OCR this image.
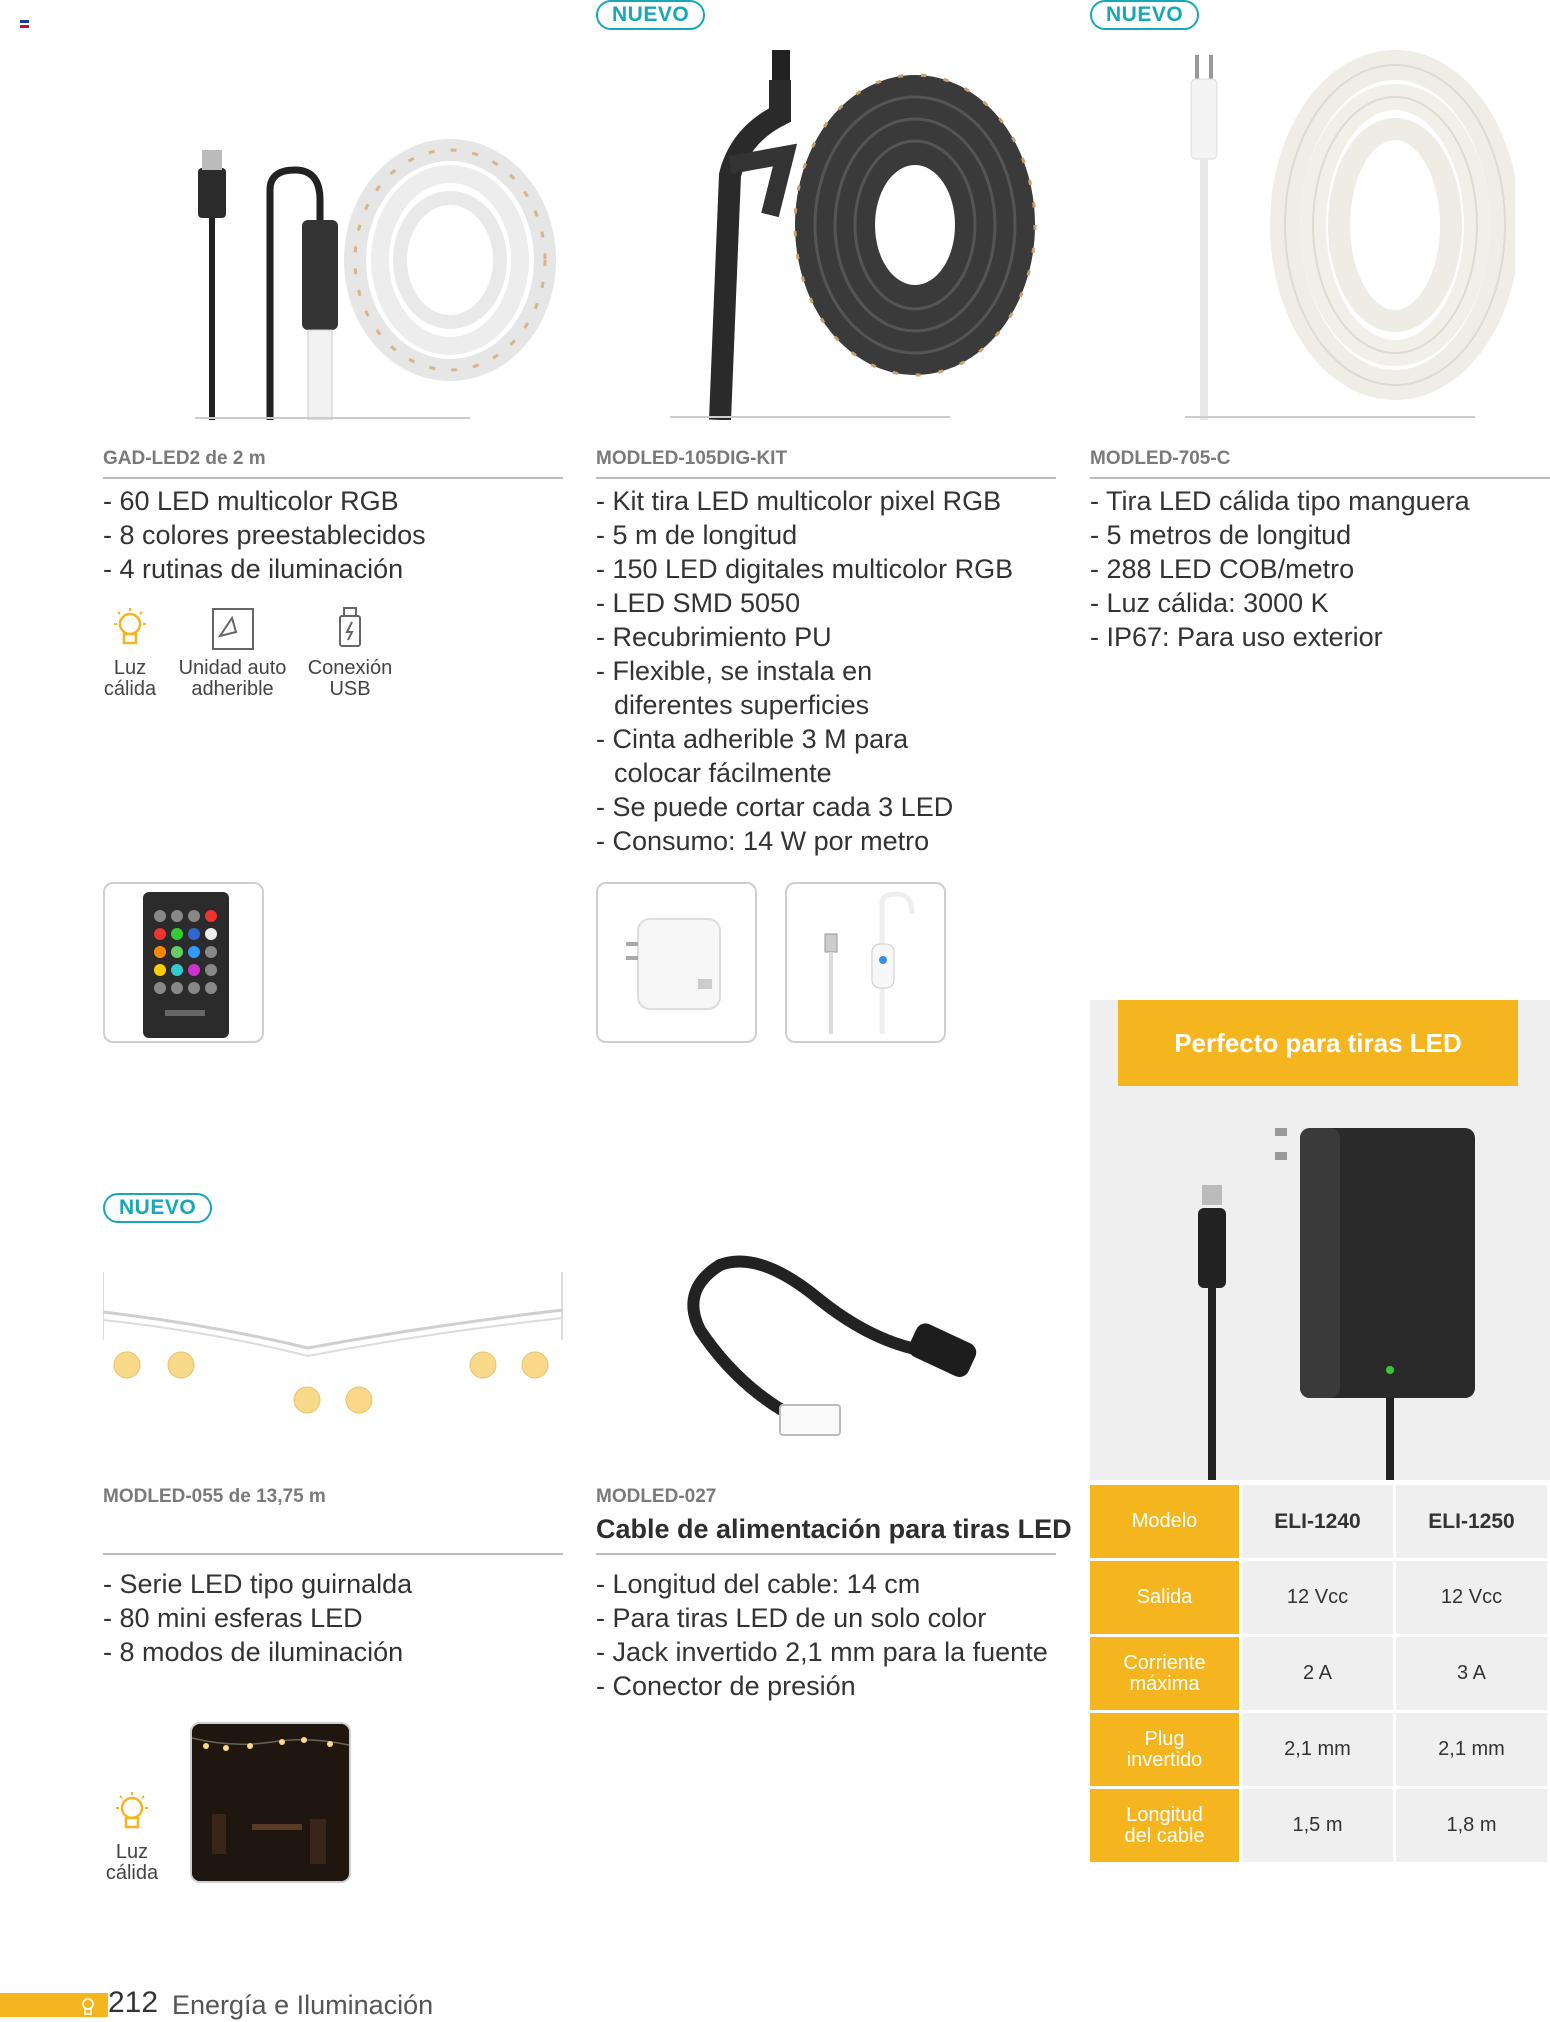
NUEVO	NUEVO
GAD-LED2 de 2 m
- 60 LED multicolor RGB
- 8 colores preestablecidos
- 4 rutinas de iluminación
Luz
cálida
Unidad auto
adherible
Conexión
USB
MODLED-105DIG-KIT
- Kit tira LED multicolor pixel RGB
- 5 m de longitud
- 150 LED digitales multicolor RGB
- LED SMD 5050
- Recubrimiento PU
- Flexible, se instala en
diferentes superficies
- Cinta adherible 3 M para
colocar fácilmente
- Se puede cortar cada 3 LED
- Consumo: 14 W por metro
MODLED-705-C
- Tira LED cálida tipo manguera
- 5 metros de longitud
- 288 LED COB/metro
- Luz cálida: 3000 K
- IP67: Para uso exterior
Perfecto para tiras LED
Modelo	ELI-1240	ELI-1250
Salida	12 Vcc	12 Vcc
Corriente
máxima	2 A	3 A
Plug
invertido	2,1 mm	2,1 mm
Longitud
del cable	1,5 m	1,8 m
NUEVO
MODLED-055 de 13,75 m
- Serie LED tipo guirnalda
- 80 mini esferas LED
- 8 modos de iluminación
Luz
cálida
MODLED-027
Cable de alimentación para tiras LED
- Longitud del cable: 14 cm
- Para tiras LED de un solo color
- Jack invertido 2,1 mm para la fuente
- Conector de presión
212 Energía e Iluminación
